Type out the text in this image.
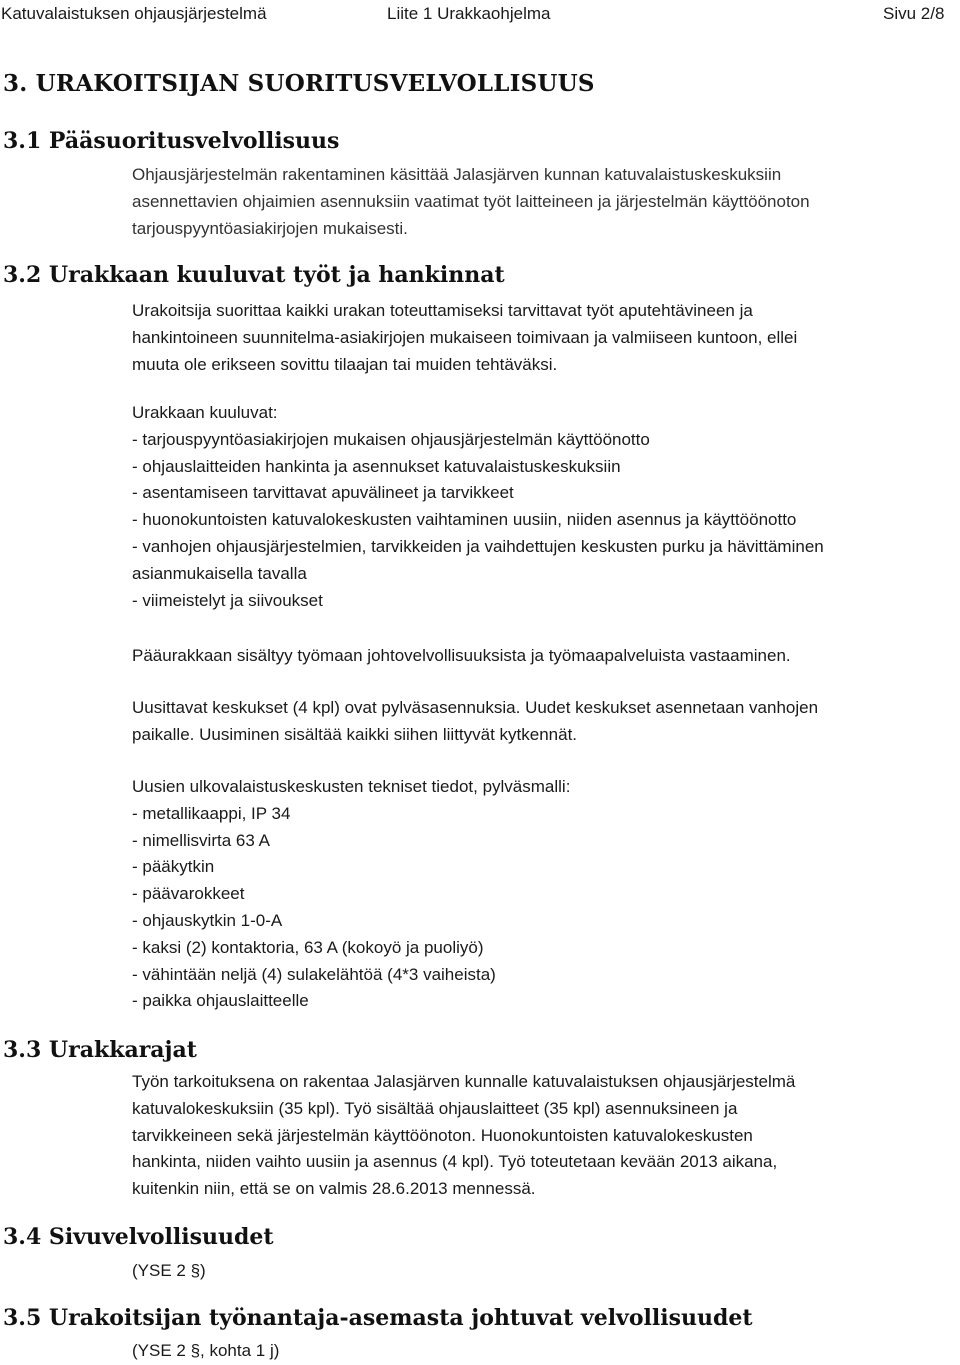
Katuvalaistuksen ohjausjärjestelmä	Liite 1 Urakkaohjelma	Sivu 2/8
3. URAKOITSIJAN SUORITUSVELVOLLISUUS
3.1 Pääsuoritusvelvollisuus

Ohjausjärjestelmän rakentaminen käsittää Jalasjärven kunnan katuvalaistuskeskuksiin

asennettavien ohjaimien asennuksiin vaatimat työt laitteineen ja järjestelmän käyttöönoton

tarjouspyyntöasiakirjojen mukaisesti.

3.2 Urakkaan kuuluvat työt ja hankinnat

Urakoitsija suorittaa kaikki urakan toteuttamiseksi tarvittavat työt aputehtävineen ja

hankintoineen suunnitelma-asiakirjojen mukaiseen toimivaan ja valmiiseen kuntoon, ellei

muuta ole erikseen sovittu tilaajan tai muiden tehtäväksi.

Urakkaan kuuluvat:

- tarjouspyyntöasiakirjojen mukaisen ohjausjärjestelmän käyttöönotto

- ohjauslaitteiden hankinta ja asennukset katuvalaistuskeskuksiin

- asentamiseen tarvittavat apuvälineet ja tarvikkeet

- huonokuntoisten katuvalokeskusten vaihtaminen uusiin, niiden asennus ja käyttöönotto

- vanhojen ohjausjärjestelmien, tarvikkeiden ja vaihdettujen keskusten purku ja hävittäminen

asianmukaisella tavalla

- viimeistelyt ja siivoukset

Pääurakkaan sisältyy työmaan johtovelvollisuuksista ja työmaapalveluista vastaaminen.

Uusittavat keskukset (4 kpl) ovat pylväsasennuksia. Uudet keskukset asennetaan vanhojen

paikalle. Uusiminen sisältää kaikki siihen liittyvät kytkennät.

Uusien ulkovalaistuskeskusten tekniset tiedot, pylväsmalli:

- metallikaappi, IP 34

- nimellisvirta 63 A

- pääkytkin

- päävarokkeet

- ohjauskytkin 1-0-A

- kaksi (2) kontaktoria, 63 A (kokoyö ja puoliyö)

- vähintään neljä (4) sulakelähtöä (4*3 vaiheista)

- paikka ohjauslaitteelle

3.3 Urakkarajat

Työn tarkoituksena on rakentaa Jalasjärven kunnalle katuvalaistuksen ohjausjärjestelmä

katuvalokeskuksiin (35 kpl). Työ sisältää ohjauslaitteet (35 kpl) asennuksineen ja

tarvikkeineen sekä järjestelmän käyttöönoton. Huonokuntoisten katuvalokeskusten

hankinta, niiden vaihto uusiin ja asennus (4 kpl). Työ toteutetaan kevään 2013 aikana,

kuitenkin niin, että se on valmis 28.6.2013 mennessä.

3.4 Sivuvelvollisuudet

(YSE 2 §)

3.5 Urakoitsijan työnantaja-asemasta johtuvat velvollisuudet

(YSE 2 §, kohta 1 j)
